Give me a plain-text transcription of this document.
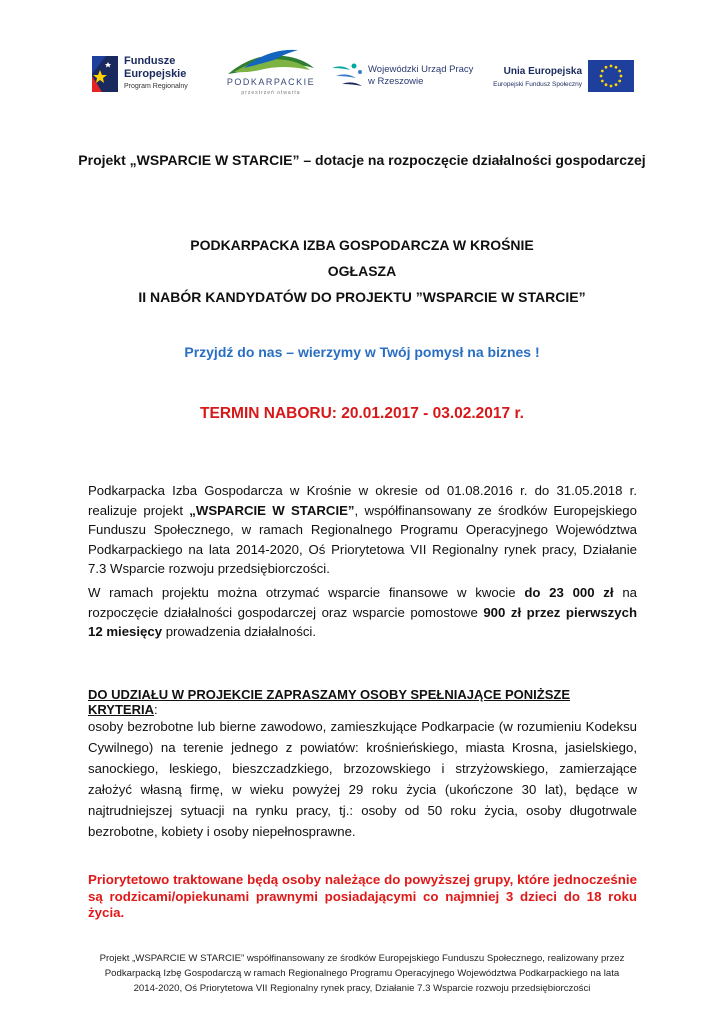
Fundusze
Europejskie
Program Regionalny	PODKARPACKIE
przestrzeń otwarta
Wojewódzki Urząd Pracy
w Rzeszowie
Unia Europejska
Europejski Fundusz Społeczny
Projekt „WSPARCIE W STARCIE” – dotacje na rozpoczęcie działalności gospodarczej
PODKARPACKA IZBA GOSPODARCZA W KROŚNIE
OGŁASZA
II NABÓR KANDYDATÓW DO PROJEKTU ”WSPARCIE W STARCIE”
Przyjdź do nas – wierzymy w Twój pomysł na biznes !
TERMIN NABORU: 20.01.2017 - 03.02.2017 r.

Podkarpacka Izba Gospodarcza w Krośnie w okresie od 01.08.2016 r. do 31.05.2018 r. realizuje projekt „WSPARCIE W STARCIE”, współfinansowany ze środków Europejskiego Funduszu Społecznego, w ramach Regionalnego Programu Operacyjnego Województwa Podkarpackiego na lata 2014-2020, Oś Priorytetowa VII Regionalny rynek pracy, Działanie 7.3 Wsparcie rozwoju przedsiębiorczości.

W ramach projektu można otrzymać wsparcie finansowe w kwocie do 23 000 zł na rozpoczęcie działalności gospodarczej oraz wsparcie pomostowe 900 zł przez pierwszych 12 miesięcy prowadzenia działalności.

DO UDZIAŁU W PROJEKCIE ZAPRASZAMY OSOBY SPEŁNIAJĄCE PONIŻSZE KRYTERIA:

osoby bezrobotne lub bierne zawodowo, zamieszkujące Podkarpacie (w rozumieniu Kodeksu Cywilnego) na terenie jednego z powiatów: krośnieńskiego, miasta Krosna, jasielskiego, sanockiego, leskiego, bieszczadzkiego, brzozowskiego i strzyżowskiego, zamierzające założyć własną firmę, w wieku powyżej 29 roku życia (ukończone 30 lat), będące w najtrudniejszej sytuacji na rynku pracy, tj.: osoby od 50 roku życia, osoby długotrwale bezrobotne, kobiety i osoby niepełnosprawne.

Priorytetowo traktowane będą osoby należące do powyższej grupy, które jednocześnie są rodzicami/opiekunami prawnymi posiadającymi co najmniej 3 dzieci do 18 roku życia.

Projekt „WSPARCIE W STARCIE” współfinansowany ze środków Europejskiego Funduszu Społecznego, realizowany przez
Podkarpacką Izbę Gospodarczą w ramach Regionalnego Programu Operacyjnego Województwa Podkarpackiego na lata
2014-2020, Oś Priorytetowa VII Regionalny rynek pracy, Działanie 7.3 Wsparcie rozwoju przedsiębiorczości
